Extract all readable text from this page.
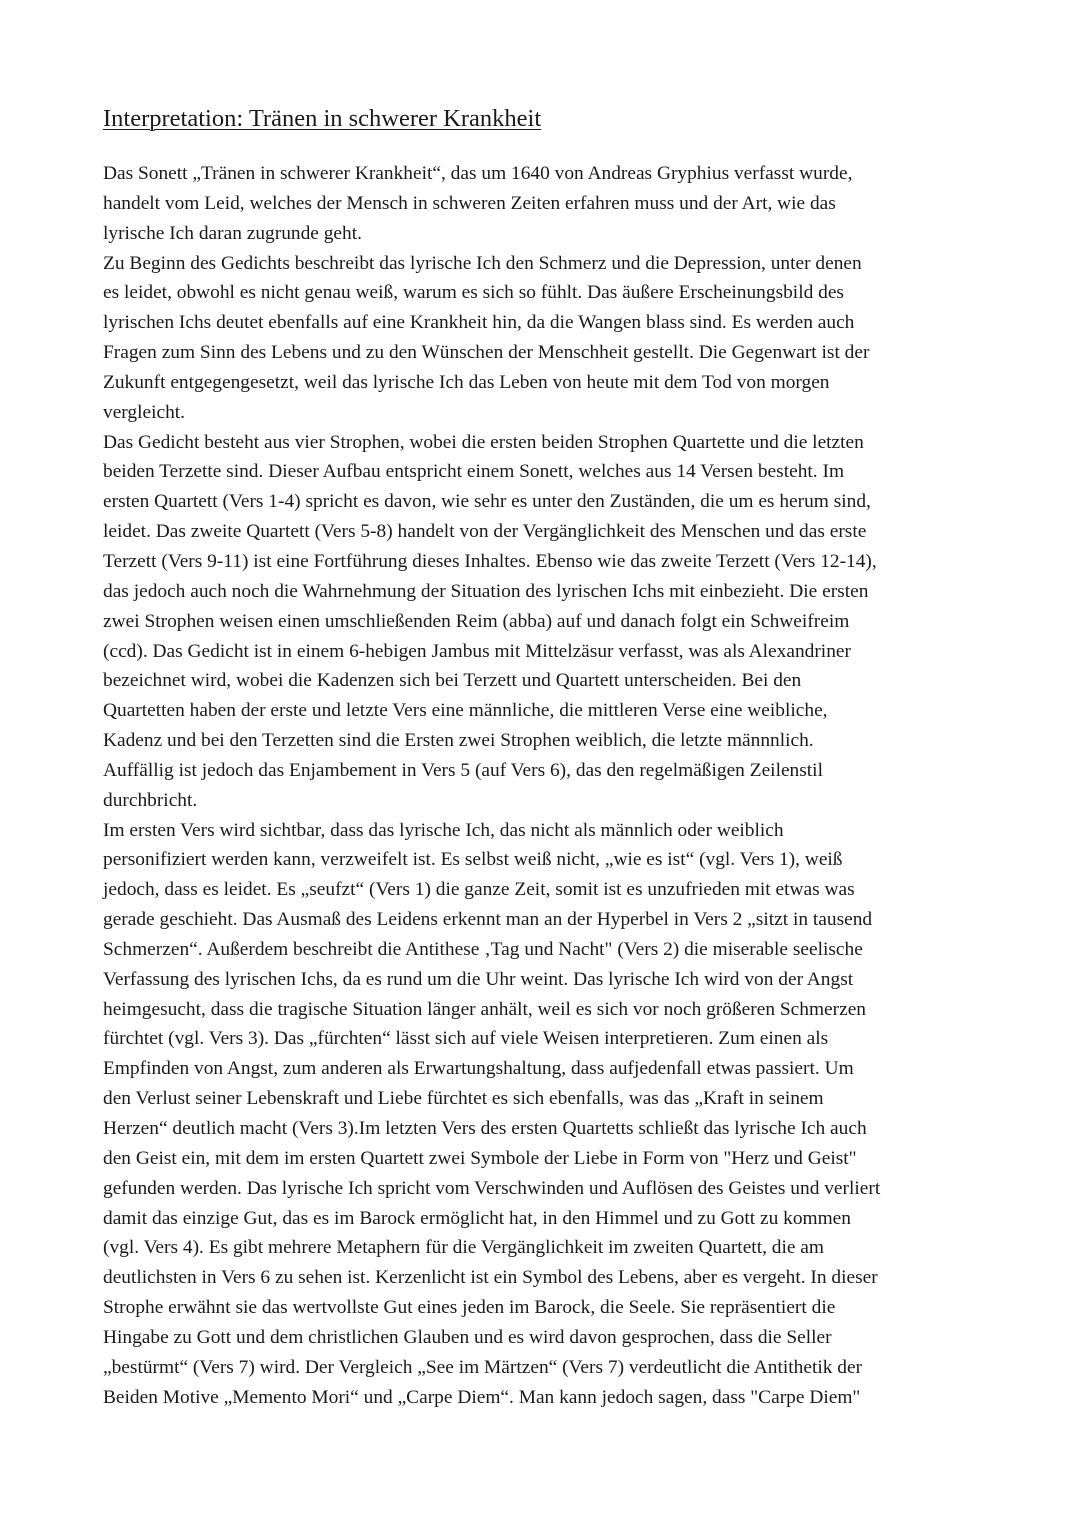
Interpretation: Tränen in schwerer Krankheit
Das Sonett „Tränen in schwerer Krankheit“, das um 1640 von Andreas Gryphius verfasst wurde,
handelt vom Leid, welches der Mensch in schweren Zeiten erfahren muss und der Art, wie das
lyrische Ich daran zugrunde geht.
Zu Beginn des Gedichts beschreibt das lyrische Ich den Schmerz und die Depression, unter denen
es leidet, obwohl es nicht genau weiß, warum es sich so fühlt. Das äußere Erscheinungsbild des
lyrischen Ichs deutet ebenfalls auf eine Krankheit hin, da die Wangen blass sind. Es werden auch
Fragen zum Sinn des Lebens und zu den Wünschen der Menschheit gestellt. Die Gegenwart ist der
Zukunft entgegengesetzt, weil das lyrische Ich das Leben von heute mit dem Tod von morgen
vergleicht.
Das Gedicht besteht aus vier Strophen, wobei die ersten beiden Strophen Quartette und die letzten
beiden Terzette sind. Dieser Aufbau entspricht einem Sonett, welches aus 14 Versen besteht. Im
ersten Quartett (Vers 1-4) spricht es davon, wie sehr es unter den Zuständen, die um es herum sind,
leidet. Das zweite Quartett (Vers 5-8) handelt von der Vergänglichkeit des Menschen und das erste
Terzett (Vers 9-11) ist eine Fortführung dieses Inhaltes. Ebenso wie das zweite Terzett (Vers 12-14),
das jedoch auch noch die Wahrnehmung der Situation des lyrischen Ichs mit einbezieht. Die ersten
zwei Strophen weisen einen umschließenden Reim (abba) auf und danach folgt ein Schweifreim
(ccd). Das Gedicht ist in einem 6-hebigen Jambus mit Mittelzäsur verfasst, was als Alexandriner
bezeichnet wird, wobei die Kadenzen sich bei Terzett und Quartett unterscheiden. Bei den
Quartetten haben der erste und letzte Vers eine männliche, die mittleren Verse eine weibliche,
Kadenz und bei den Terzetten sind die Ersten zwei Strophen weiblich, die letzte männnlich.
Auffällig ist jedoch das Enjambement in Vers 5 (auf Vers 6), das den regelmäßigen Zeilenstil
durchbricht.
Im ersten Vers wird sichtbar, dass das lyrische Ich, das nicht als männlich oder weiblich
personifiziert werden kann, verzweifelt ist. Es selbst weiß nicht, „wie es ist“ (vgl. Vers 1), weiß
jedoch, dass es leidet. Es „seufzt“ (Vers 1) die ganze Zeit, somit ist es unzufrieden mit etwas was
gerade geschieht. Das Ausmaß des Leidens erkennt man an der Hyperbel in Vers 2 „sitzt in tausend
Schmerzen“. Außerdem beschreibt die Antithese ‚Tag und Nacht" (Vers 2) die miserable seelische
Verfassung des lyrischen Ichs, da es rund um die Uhr weint. Das lyrische Ich wird von der Angst
heimgesucht, dass die tragische Situation länger anhält, weil es sich vor noch größeren Schmerzen
fürchtet (vgl. Vers 3). Das „fürchten“ lässt sich auf viele Weisen interpretieren. Zum einen als
Empfinden von Angst, zum anderen als Erwartungshaltung, dass aufjedenfall etwas passiert. Um
den Verlust seiner Lebenskraft und Liebe fürchtet es sich ebenfalls, was das „Kraft in seinem
Herzen“ deutlich macht (Vers 3).Im letzten Vers des ersten Quartetts schließt das lyrische Ich auch
den Geist ein, mit dem im ersten Quartett zwei Symbole der Liebe in Form von "Herz und Geist"
gefunden werden. Das lyrische Ich spricht vom Verschwinden und Auflösen des Geistes und verliert
damit das einzige Gut, das es im Barock ermöglicht hat, in den Himmel und zu Gott zu kommen
(vgl. Vers 4). Es gibt mehrere Metaphern für die Vergänglichkeit im zweiten Quartett, die am
deutlichsten in Vers 6 zu sehen ist. Kerzenlicht ist ein Symbol des Lebens, aber es vergeht. In dieser
Strophe erwähnt sie das wertvollste Gut eines jeden im Barock, die Seele. Sie repräsentiert die
Hingabe zu Gott und dem christlichen Glauben und es wird davon gesprochen, dass die Seller
„bestürmt“ (Vers 7) wird. Der Vergleich „See im Märtzen“ (Vers 7) verdeutlicht die Antithetik der
Beiden Motive „Memento Mori“ und „Carpe Diem“. Man kann jedoch sagen, dass "Carpe Diem"
